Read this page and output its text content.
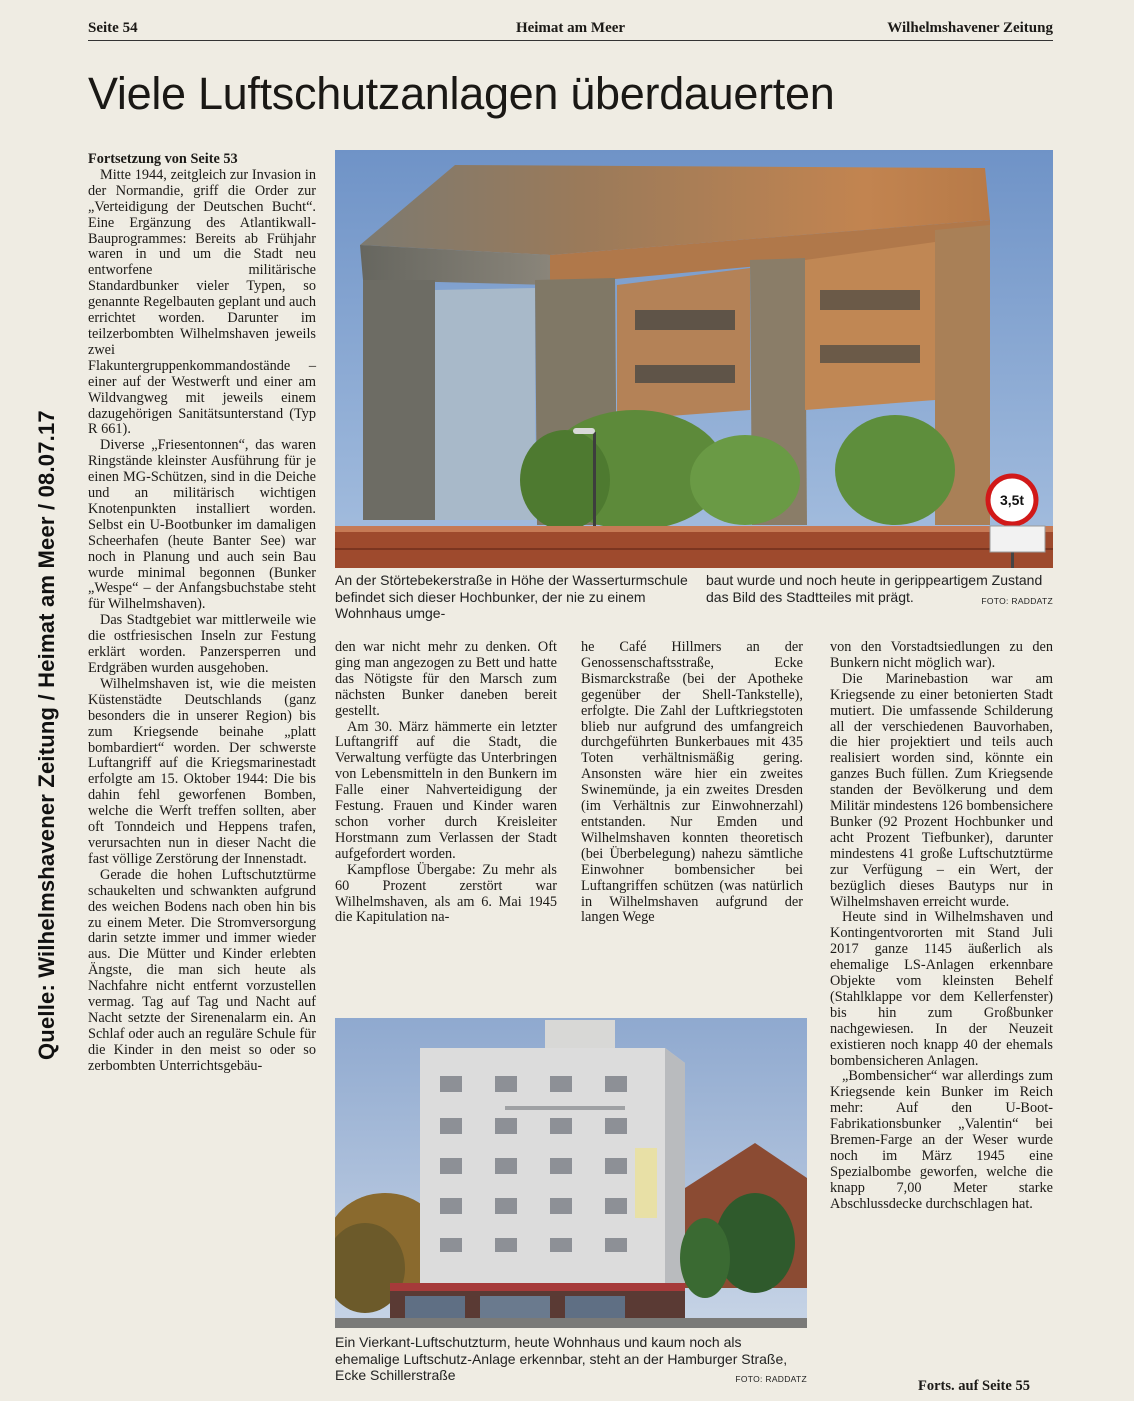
Quelle: Wilhelmshavener Zeitung / Heimat am Meer / 08.07.17
Seite 54	Heimat am Meer	Wilhelmshavener Zeitung
Viele Luftschutzanlagen überdauerten

Fortsetzung von Seite 53
Mitte 1944, zeitgleich zur Invasion in der Normandie, griff die Order zur „Verteidigung der Deutschen Bucht“. Eine Ergänzung des Atlantikwall-Bauprogrammes: Bereits ab Frühjahr waren in und um die Stadt neu entworfene militärische Standardbunker vieler Typen, so genannte Regelbauten geplant und auch errichtet worden. Darunter im teilzerbombten Wilhelmshaven jeweils zwei Flakuntergruppenkommandostände – einer auf der Westwerft und einer am Wildvangweg mit jeweils einem dazugehörigen Sanitätsunterstand (Typ R 661).

Diverse „Friesentonnen“, das waren Ringstände kleinster Ausführung für je einen MG-Schützen, sind in die Deiche und an militärisch wichtigen Knotenpunkten installiert worden. Selbst ein U-Bootbunker im damaligen Scheerhafen (heute Banter See) war noch in Planung und auch sein Bau wurde minimal begonnen (Bunker „Wespe“ – der Anfangsbuchstabe steht für Wilhelmshaven).

Das Stadtgebiet war mittlerweile wie die ostfriesischen Inseln zur Festung erklärt worden. Panzersperren und Erdgräben wurden ausgehoben.

Wilhelmshaven ist, wie die meisten Küstenstädte Deutschlands (ganz besonders die in unserer Region) bis zum Kriegsende beinahe „platt bombardiert“ worden. Der schwerste Luftangriff auf die Kriegsmarinestadt erfolgte am 15. Oktober 1944: Die bis dahin fehl geworfenen Bomben, welche die Werft treffen sollten, aber oft Tonndeich und Heppens trafen, verursachten nun in dieser Nacht die fast völlige Zerstörung der Innenstadt.

Gerade die hohen Luftschutztürme schaukelten und schwankten aufgrund des weichen Bodens nach oben hin bis zu einem Meter. Die Stromversorgung darin setzte immer und immer wieder aus. Die Mütter und Kinder erlebten Ängste, die man sich heute als Nachfahre nicht entfernt vorzustellen vermag. Tag auf Tag und Nacht auf Nacht setzte der Sirenenalarm ein. An Schlaf oder auch an reguläre Schule für die Kinder in den meist so oder so zerbombten Unterrichtsgebäu-

3,5t
An der Störtebekerstraße in Höhe der Wasserturmschule befindet sich dieser Hochbunker, der nie zu einem Wohnhaus umge-
baut wurde und noch heute in gerippeartigem Zustand das Bild des Stadtteiles mit prägt.	FOTO: RADDATZ

den war nicht mehr zu denken. Oft ging man angezogen zu Bett und hatte das Nötigste für den Marsch zum nächsten Bunker daneben bereit gestellt.

Am 30. März hämmerte ein letzter Luftangriff auf die Stadt, die Verwaltung verfügte das Unterbringen von Lebensmitteln in den Bunkern im Falle einer Nahverteidigung der Festung. Frauen und Kinder waren schon vorher durch Kreisleiter Horstmann zum Verlassen der Stadt aufgefordert worden.

Kampflose Übergabe: Zu mehr als 60 Prozent zerstört war Wilhelmshaven, als am 6. Mai 1945 die Kapitulation na-

he Café Hillmers an der Genossenschaftsstraße, Ecke Bismarckstraße (bei der Apotheke gegenüber der Shell-Tankstelle), erfolgte. Die Zahl der Luftkriegstoten blieb nur aufgrund des umfangreich durchgeführten Bunkerbaues mit 435 Toten verhältnismäßig gering. Ansonsten wäre hier ein zweites Swinemünde, ja ein zweites Dresden (im Verhältnis zur Einwohnerzahl) entstanden. Nur Emden und Wilhelmshaven konnten theoretisch (bei Überbelegung) nahezu sämtliche Einwohner bombensicher bei Luftangriffen schützen (was natürlich in Wilhelmshaven aufgrund der langen Wege

von den Vorstadtsiedlungen zu den Bunkern nicht möglich war).

Die Marinebastion war am Kriegsende zu einer betonierten Stadt mutiert. Die umfassende Schilderung all der verschiedenen Bauvorhaben, die hier projektiert und teils auch realisiert worden sind, könnte ein ganzes Buch füllen. Zum Kriegsende standen der Bevölkerung und dem Militär mindestens 126 bombensichere Bunker (92 Prozent Hochbunker und acht Prozent Tiefbunker), darunter mindestens 41 große Luftschutztürme zur Verfügung – ein Wert, der bezüglich dieses Bautyps nur in Wilhelmshaven erreicht wurde.

Heute sind in Wilhelmshaven und Kontingentvororten mit Stand Juli 2017 ganze 1145 äußerlich als ehemalige LS-Anlagen erkennbare Objekte vom kleinsten Behelf (Stahlklappe vor dem Kellerfenster) bis hin zum Großbunker nachgewiesen. In der Neuzeit existieren noch knapp 40 der ehemals bombensicheren Anlagen.

„Bombensicher“ war allerdings zum Kriegsende kein Bunker im Reich mehr: Auf den U-Boot-Fabrikationsbunker „Valentin“ bei Bremen-Farge an der Weser wurde noch im März 1945 eine Spezialbombe geworfen, welche die knapp 7,00 Meter starke Abschlussdecke durchschlagen hat.

Ein Vierkant-Luftschutzturm, heute Wohnhaus und kaum noch als ehemalige Luftschutz-Anlage erkennbar, steht an der Hamburger Straße, Ecke Schillerstraße	FOTO: RADDATZ	Forts. auf Seite 55
